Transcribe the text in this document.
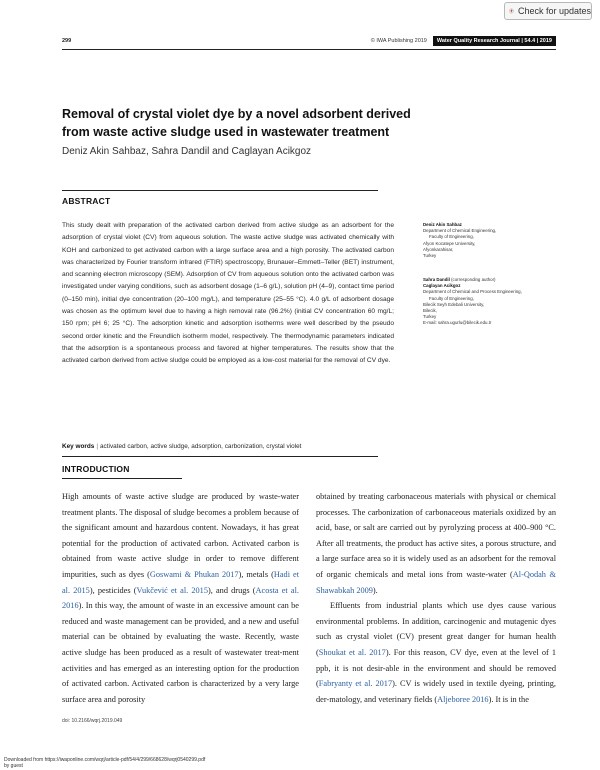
Check for updates
299	© IWA Publishing 2019	Water Quality Research Journal | 54.4 | 2019
Removal of crystal violet dye by a novel adsorbent derived
from waste active sludge used in wastewater treatment
Deniz Akin Sahbaz, Sahra Dandil and Caglayan Acikgoz
ABSTRACT
This study dealt with preparation of the activated carbon derived from active sludge as an adsorbent for the adsorption of crystal violet (CV) from aqueous solution. The waste active sludge was activated chemically with KOH and carbonized to get activated carbon with a large surface area and a high porosity. The activated carbon was characterized by Fourier transform infrared (FTIR) spectroscopy, Brunauer–Emmett–Teller (BET) instrument, and scanning electron microscopy (SEM). Adsorption of CV from aqueous solution onto the activated carbon was investigated under varying conditions, such as adsorbent dosage (1–6 g/L), solution pH (4–9), contact time period (0–150 min), initial dye concentration (20–100 mg/L), and temperature (25–55 °C). 4.0 g/L of adsorbent dosage was chosen as the optimum level due to having a high removal rate (96.2%) (initial CV concentration 60 mg/L; 150 rpm; pH 6; 25 °C). The adsorption kinetic and adsorption isotherms were well described by the pseudo second order kinetic and the Freundlich isotherm model, respectively. The thermodynamic parameters indicated that the adsorption is a spontaneous process and favored at higher temperatures. The results show that the activated carbon derived from active sludge could be employed as a low-cost material for the removal of CV dye.
Key words | activated carbon, active sludge, adsorption, carbonization, crystal violet
Deniz Akin Sahbaz
Department of Chemical Engineering,
Faculty of Engineering,
Afyon Kocatepe University,
Afyonkarahisar,
Turkey
Sahra Dandil (corresponding author)
Caglayan Acikgoz
Department of Chemical and Process Engineering,
Faculty of Engineering,
Bilecik Seyh Edebali University,
Bilecik,
Turkey
E-mail: sahra.ugurlu@bilecik.edu.tr
INTRODUCTION

High amounts of waste active sludge are produced by waste-water treatment plants. The disposal of sludge becomes a problem because of the significant amount and hazardous content. Nowadays, it has great potential for the production of activated carbon. Activated carbon is obtained from waste active sludge in order to remove different impurities, such as dyes (Goswami & Phukan 2017), metals (Hadi et al. 2015), pesticides (Vukčević et al. 2015), and drugs (Acosta et al. 2016). In this way, the amount of waste in an excessive amount can be reduced and waste management can be provided, and a new and useful material can be obtained by evaluating the waste. Recently, waste active sludge has been produced as a result of wastewater treat-ment activities and has emerged as an interesting option for the production of activated carbon. Activated carbon is characterized by a very large surface area and porosity

obtained by treating carbonaceous materials with physical or chemical processes. The carbonization of carbonaceous materials oxidized by an acid, base, or salt are carried out by pyrolyzing process at 400–900 °C. After all treatments, the product has active sites, a porous structure, and a large surface area so it is widely used as an adsorbent for the removal of organic chemicals and metal ions from waste-water (Al-Qodah & Shawabkah 2009).

Effluents from industrial plants which use dyes cause various environmental problems. In addition, carcinogenic and mutagenic dyes such as crystal violet (CV) present great danger for human health (Shoukat et al. 2017). For this reason, CV dye, even at the level of 1 ppb, it is not desir-able in the environment and should be removed (Fabryanty et al. 2017). CV is widely used in textile dyeing, printing, der-matology, and veterinary fields (Aljeboree 2016). It is in the

doi: 10.2166/wqrj.2019.049
Downloaded from https://iwaponline.com/wqrj/article-pdf/54/4/299/668628/wqrj0540299.pdf
by guest
